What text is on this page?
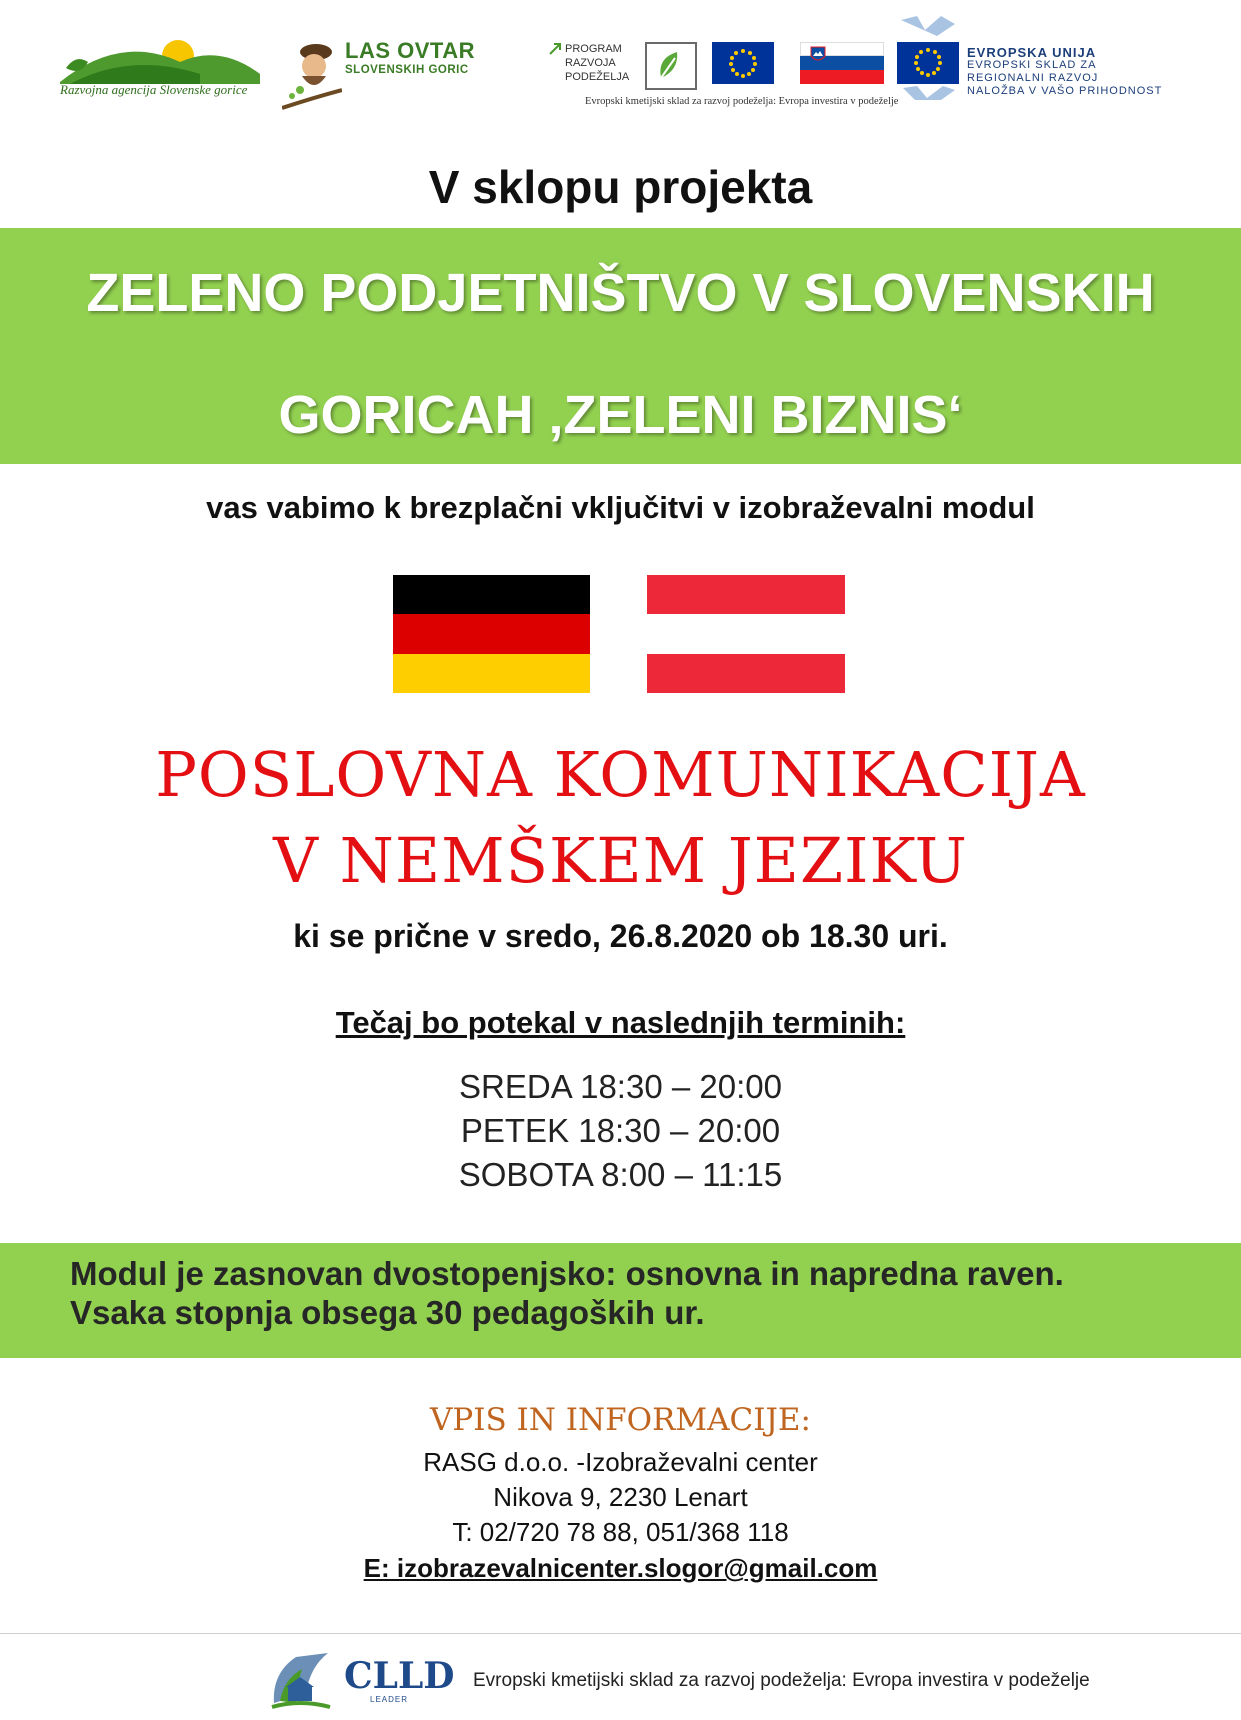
Razvojna agencija Slovenske gorice
LAS OVTAR
SLOVENSKIH GORIC
PROGRAM
RAZVOJA
PODEŽELJA
EVROPSKA UNIJA
EVROPSKI SKLAD ZA
REGIONALNI RAZVOJ
NALOŽBA V VAŠO PRIHODNOST
Evropski kmetijski sklad za razvoj podeželja: Evropa investira v podeželje
V sklopu projekta
ZELENO PODJETNIŠTVO V SLOVENSKIH
GORICAH ‚ZELENI BIZNIS‘
vas vabimo k brezplačni vključitvi v izobraževalni modul
POSLOVNA KOMUNIKACIJA
V NEMŠKEM JEZIKU
ki se prične v sredo, 26.8.2020 ob 18.30 uri.
Tečaj bo potekal v naslednjih terminih:
SREDA 18:30 – 20:00
PETEK 18:30 – 20:00
SOBOTA 8:00 – 11:15
Modul je zasnovan dvostopenjsko: osnovna in napredna raven.
Vsaka stopnja obsega 30 pedagoških ur.
VPIS IN INFORMACIJE:
RASG d.o.o. -Izobraževalni center
Nikova 9, 2230 Lenart
T: 02/720 78 88, 051/368 118
E: izobrazevalnicenter.slogor@gmail.com
CLLD
LEADER
Evropski kmetijski sklad za razvoj podeželja: Evropa investira v podeželje
